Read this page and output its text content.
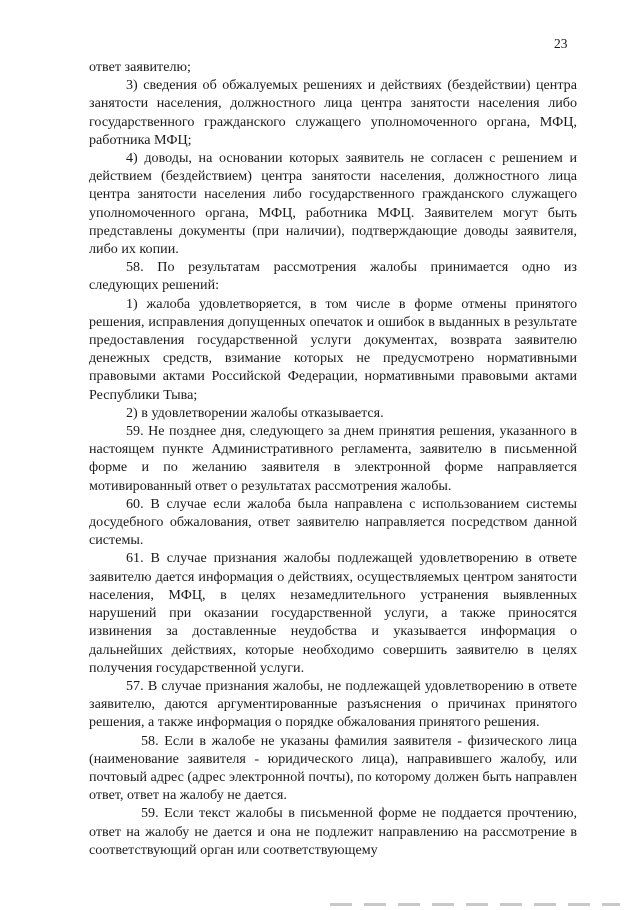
23

ответ заявителю;

3) сведения об обжалуемых решениях и действиях (бездействии) центра занятости населения, должностного лица центра занятости населения либо государственного гражданского служащего уполномоченного органа, МФЦ, работника МФЦ;

4) доводы, на основании которых заявитель не согласен с решением и действием (бездействием) центра занятости населения, должностного лица центра занятости населения либо государственного гражданского служащего уполномоченного органа, МФЦ, работника МФЦ. Заявителем могут быть представлены документы (при наличии), подтверждающие доводы заявителя, либо их копии.

58. По результатам рассмотрения жалобы принимается одно из следующих решений:

1) жалоба удовлетворяется, в том числе в форме отмены принятого решения, исправления допущенных опечаток и ошибок в выданных в результате предоставления государственной услуги документах, возврата заявителю денежных средств, взимание которых не предусмотрено нормативными правовыми актами Российской Федерации, нормативными правовыми актами Республики Тыва;

2) в удовлетворении жалобы отказывается.

59. Не позднее дня, следующего за днем принятия решения, указанного в настоящем пункте Административного регламента, заявителю в письменной форме и по желанию заявителя в электронной форме направляется мотивированный ответ о результатах рассмотрения жалобы.

60. В случае если жалоба была направлена с использованием системы досудебного обжалования, ответ заявителю направляется посредством данной системы.

61. В случае признания жалобы подлежащей удовлетворению в ответе заявителю дается информация о действиях, осуществляемых центром занятости населения, МФЦ, в целях незамедлительного устранения выявленных нарушений при оказании государственной услуги, а также приносятся извинения за доставленные неудобства и указывается информация о дальнейших действиях, которые необходимо совершить заявителю в целях получения государственной услуги.

57. В случае признания жалобы, не подлежащей удовлетворению в ответе заявителю, даются аргументированные разъяснения о причинах принятого решения, а также информация о порядке обжалования принятого решения.

58. Если в жалобе не указаны фамилия заявителя - физического лица (наименование заявителя - юридического лица), направившего жалобу, или почтовый адрес (адрес электронной почты), по которому должен быть направлен ответ, ответ на жалобу не дается.

59. Если текст жалобы в письменной форме не поддается прочтению, ответ на жалобу не дается и она не подлежит направлению на рассмотрение в соответствующий орган или соответствующему
